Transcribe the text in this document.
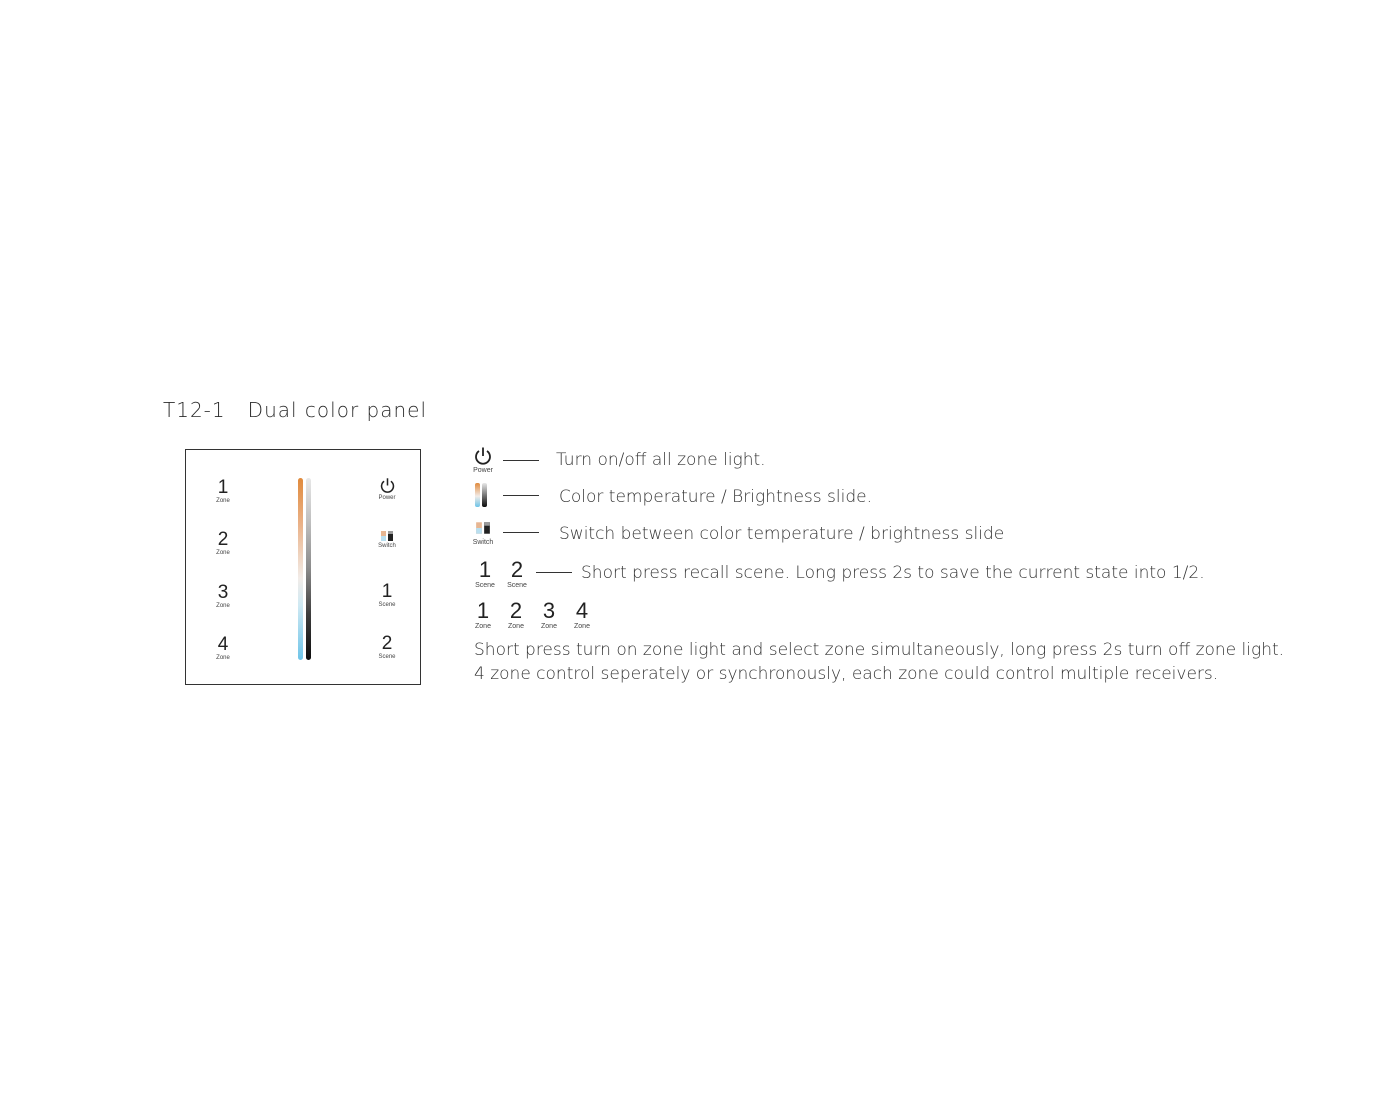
T12-1   Dual color panel
1
Zone
2
Zone
3
Zone
4
Zone
Power
Switch
1
Scene
2
Scene
Power
Turn on/off all zone light.
Color temperature / Brightness slide.
Switch	Switch between color temperature / brightness slide
1
Scene
2
Scene
Short press recall scene. Long press 2s to save the current state into 1/2.
1
Zone
2
Zone
3
Zone
4
Zone
Short press turn on zone light and select zone simultaneously, long press 2s turn off zone light.
4 zone control seperately or synchronously, each zone could control multiple receivers.
